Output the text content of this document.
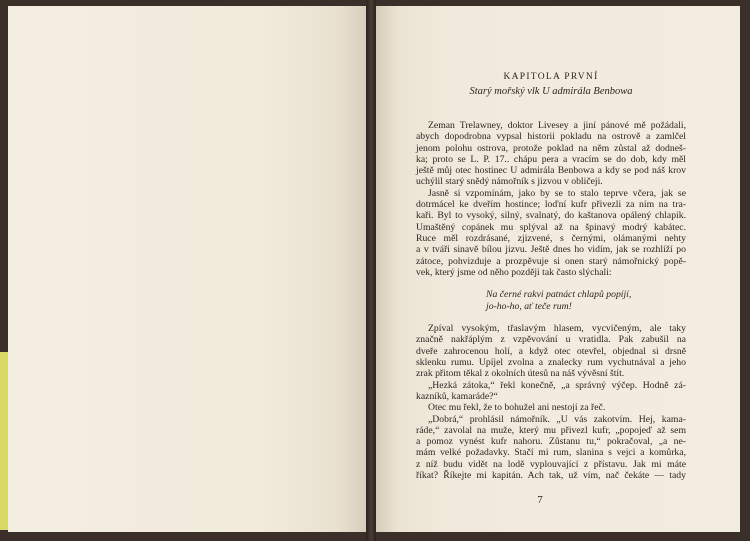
KAPITOLA PRVNÍ

Starý mořský vlk U admirála Benbowa

Zeman Trelawney, doktor Livesey a jiní pánové mě požádali,
abych dopodrobna vypsal historii pokladu na ostrově a zamlčel
jenom polohu ostrova, protože poklad na něm zůstal až dodneš-
ka; proto se L. P. 17.. chápu pera a vracím se do dob, kdy měl
ještě můj otec hostinec U admirála Benbowa a kdy se pod náš krov
uchýlil starý snědý námořník s jizvou v obličeji.
Jasně si vzpomínám, jako by se to stalo teprve včera, jak se
dotrmácel ke dveřím hostince; loďní kufr přivezli za ním na tra-
kaři. Byl to vysoký, silný, svalnatý, do kaštanova opálený chlapík.
Umaštěný copánek mu splýval až na špinavý modrý kabátec.
Ruce měl rozdrásané, zjizvené, s černými, olámanými nehty
a v tváři sinavě bílou jizvu. Ještě dnes ho vidím, jak se rozhlíží po
zátoce, pohvizduje a prozpěvuje si onen starý námořnický popě-
vek, který jsme od něho později tak často slýchali:
Na černé rakvi patnáct chlapů popíjí,
jo-ho-ho, ať teče rum!
Zpíval vysokým, třaslavým hlasem, vycvičeným, ale taky
značně nakřáplým z vzpěvování u vratidla. Pak zabušil na
dveře zahrocenou holí, a když otec otevřel, objednal si drsně
sklenku rumu. Upíjel zvolna a znalecky rum vychutnával a jeho
zrak přitom těkal z okolních útesů na náš vývěsní štít.
„Hezká zátoka,“ řekl konečně, „a správný výčep. Hodně zá-
kazníků, kamaráde?“
Otec mu řekl, že to bohužel ani nestojí za řeč.
„Dobrá,“ prohlásil námořník. „U vás zakotvím. Hej, kama-
ráde,“ zavolal na muže, který mu přivezl kufr, „popojeď až sem
a pomoz vynést kufr nahoru. Zůstanu tu,“ pokračoval, „a ne-
mám velké požadavky. Stačí mi rum, slanina s vejci a komůrka,
z níž budu vidět na lodě vyplouvající z přístavu. Jak mi máte
říkat? Říkejte mi kapitán. Ach tak, už vím, nač čekáte — tady
7
